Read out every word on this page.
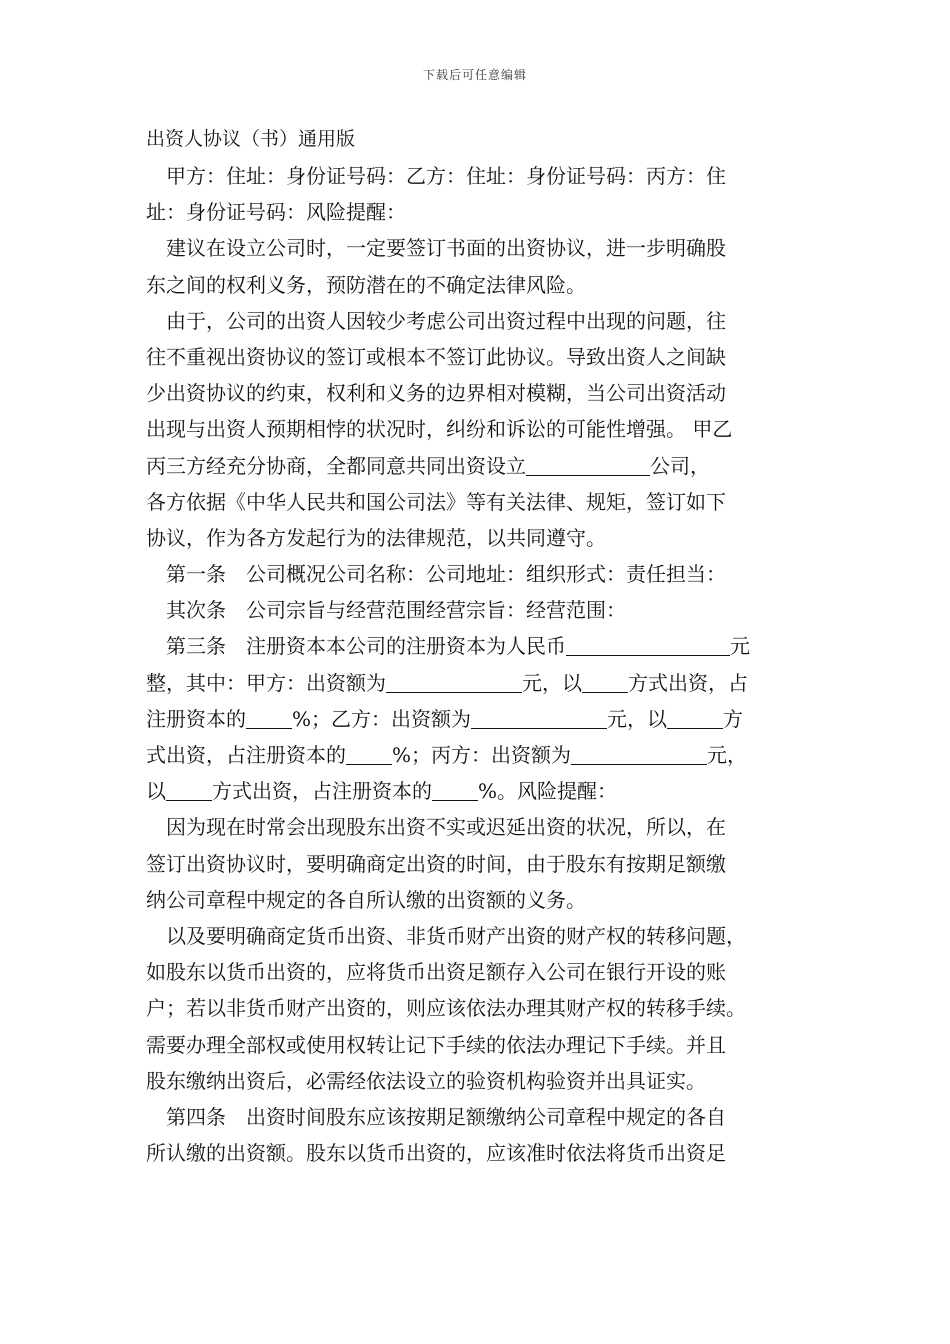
下载后可任意编辑

出资人协议（书）通用版

甲方：住址：身份证号码：乙方：住址：身份证号码：丙方：住

址：身份证号码：风险提醒：

建议在设立公司时，一定要签订书面的出资协议，进一步明确股

东之间的权利义务，预防潜在的不确定法律风险。

由于，公司的出资人因较少考虑公司出资过程中出现的问题，往

往不重视出资协议的签订或根本不签订此协议。导致出资人之间缺

少出资协议的约束，权利和义务的边界相对模糊，当公司出资活动

出现与出资人预期相悖的状况时，纠纷和诉讼的可能性增强。 甲乙

丙三方经充分协商，全都同意共同出资设立	公司，

各方依据《中华人民共和国公司法》等有关法律、规矩，签订如下

协议，作为各方发起行为的法律规范，以共同遵守。

第一条　公司概况公司名称：公司地址：组织形式：责任担当：

其次条　公司宗旨与经营范围经营宗旨：经营范围：

第三条　注册资本本公司的注册资本为人民币	元

整，其中：甲方：出资额为	元，以 方式出资，占

注册资本的 %；乙方：出资额为	元，以	方

式出资，占注册资本的 %；丙方：出资额为	元，

以 方式出资，占注册资本的 %。风险提醒：

因为现在时常会出现股东出资不实或迟延出资的状况，所以，在

签订出资协议时，要明确商定出资的时间，由于股东有按期足额缴

纳公司章程中规定的各自所认缴的出资额的义务。

以及要明确商定货币出资、非货币财产出资的财产权的转移问题，

如股东以货币出资的，应将货币出资足额存入公司在银行开设的账

户；若以非货币财产出资的，则应该依法办理其财产权的转移手续。

需要办理全部权或使用权转让记下手续的依法办理记下手续。并且

股东缴纳出资后，必需经依法设立的验资机构验资并出具证实。

第四条　出资时间股东应该按期足额缴纳公司章程中规定的各自

所认缴的出资额。股东以货币出资的，应该准时依法将货币出资足
